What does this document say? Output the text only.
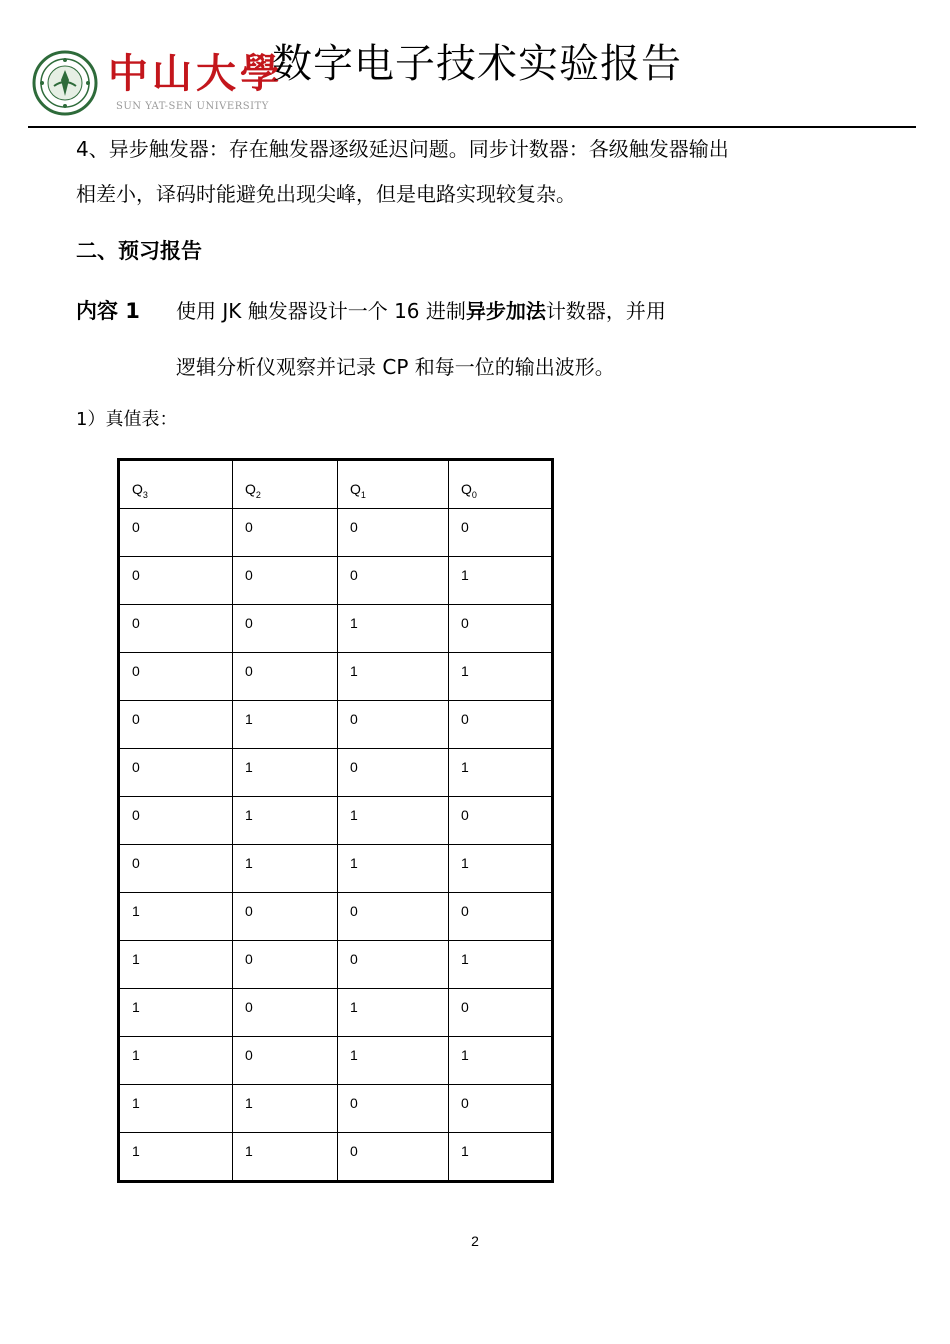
中山大學
SUN YAT-SEN UNIVERSITY
数字电子技术实验报告
4、异步触发器：存在触发器逐级延迟问题。同步计数器：各级触发器输出
相差小，译码时能避免出现尖峰，但是电路实现较复杂。
二、预习报告
内容 1 使用 JK 触发器设计一个 16 进制异步加法计数器，并用
逻辑分析仪观察并记录 CP 和每一位的输出波形。
1）真值表：
$Q_3$	$Q_2$	$Q_1$	$Q_0$
0	0	0	0
0	0	0	1
0	0	1	0
0	0	1	1
0	1	0	0
0	1	0	1
0	1	1	0
0	1	1	1
1	0	0	0
1	0	0	1
1	0	1	0
1	0	1	1
1	1	0	0
1	1	0	1
2
